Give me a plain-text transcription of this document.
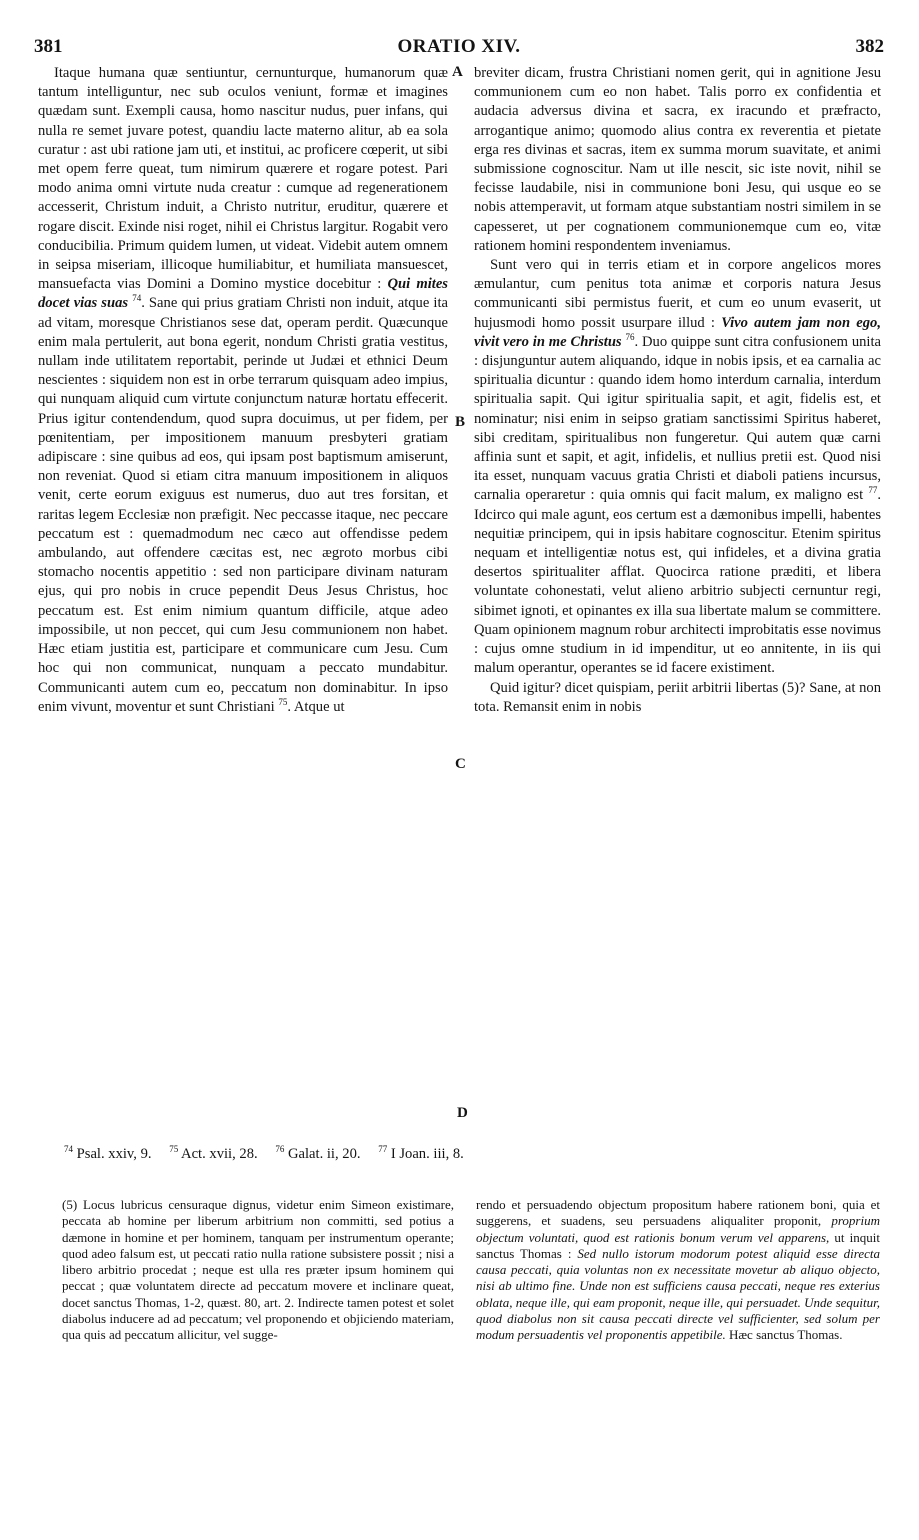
381	ORATIO XIV.	382
A
B
C
D

Itaque humana quæ sentiuntur, cernunturque, humanorum quæ tantum intelliguntur, nec sub oculos veniunt, formæ et imagines quædam sunt. Exempli causa, homo nascitur nudus, puer infans, qui nulla re semet juvare potest, quandiu lacte materno alitur, ab ea sola curatur : ast ubi ratione jam uti, et institui, ac proficere cœperit, ut sibi met opem ferre queat, tum nimirum quærere et rogare potest. Pari modo anima omni virtute nuda creatur : cumque ad regenerationem accesserit, Christum induit, a Christo nutritur, eruditur, quærere et rogare discit. Exinde nisi roget, nihil ei Christus largitur. Rogabit vero conducibilia. Primum quidem lumen, ut videat. Videbit autem omnem in seipsa miseriam, illicoque humiliabitur, et humiliata mansuescet, mansuefacta vias Domini a Domino mystice docebitur : Qui mites docet vias suas $^{74}$. Sane qui prius gratiam Christi non induit, atque ita ad vitam, moresque Christianos sese dat, operam perdit. Quæcunque enim mala pertulerit, aut bona egerit, nondum Christi gratia vestitus, nullam inde utilitatem reportabit, perinde ut Judæi et ethnici Deum nescientes : siquidem non est in orbe terrarum quisquam adeo impius, qui nunquam aliquid cum virtute conjunctum naturæ hortatu effecerit. Prius igitur contendendum, quod supra docuimus, ut per fidem, per pœnitentiam, per impositionem manuum presbyteri gratiam adipiscare : sine quibus ad eos, qui ipsam post baptismum amiserunt, non reveniat. Quod si etiam citra manuum impositionem in aliquos venit, certe eorum exiguus est numerus, duo aut tres forsitan, et raritas legem Ecclesiæ non præfigit. Nec peccasse itaque, nec peccare peccatum est : quemadmodum nec cæco aut offendisse pedem ambulando, aut offendere cæcitas est, nec ægroto morbus cibi stomacho nocentis appetitio : sed non participare divinam naturam ejus, qui pro nobis in cruce pependit Deus Jesus Christus, hoc peccatum est. Est enim nimium quantum difficile, atque adeo impossibile, ut non peccet, qui cum Jesu communionem non habet. Hæc etiam justitia est, participare et communicare cum Jesu. Cum hoc qui non communicat, nunquam a peccato mundabitur. Communicanti autem cum eo, peccatum non dominabitur. In ipso enim vivunt, moventur et sunt Christiani $^{75}$. Atque ut

breviter dicam, frustra Christiani nomen gerit, qui in agnitione Jesu communionem cum eo non habet. Talis porro ex confidentia et audacia adversus divina et sacra, ex iracundo et præfracto, arrogantique animo; quomodo alius contra ex reverentia et pietate erga res divinas et sacras, item ex summa morum suavitate, et animi submissione cognoscitur. Nam ut ille nescit, sic iste novit, nihil se fecisse laudabile, nisi in communione boni Jesu, qui usque eo se nobis attemperavit, ut formam atque substantiam nostri similem in se capesseret, ut per cognationem communionemque cum eo, vitæ rationem homini respondentem inveniamus.

Sunt vero qui in terris etiam et in corpore angelicos mores æmulantur, cum penitus tota animæ et corporis natura Jesus communicanti sibi permistus fuerit, et cum eo unum evaserit, ut hujusmodi homo possit usurpare illud : Vivo autem jam non ego, vivit vero in me Christus $^{76}$. Duo quippe sunt citra confusionem unita : disjunguntur autem aliquando, idque in nobis ipsis, et ea carnalia ac spiritualia dicuntur : quando idem homo interdum carnalia, interdum spiritualia sapit. Qui igitur spiritualia sapit, et agit, fidelis est, et nominatur; nisi enim in seipso gratiam sanctissimi Spiritus haberet, sibi creditam, spiritualibus non fungeretur. Qui autem quæ carni affinia sunt et sapit, et agit, infidelis, et nullius pretii est. Quod nisi ita esset, nunquam vacuus gratia Christi et diaboli patiens incursus, carnalia operaretur : quia omnis qui facit malum, ex maligno est $^{77}$. Idcirco qui male agunt, eos certum est a dæmonibus impelli, habentes nequitiæ principem, qui in ipsis habitare cognoscitur. Etenim spiritus nequam et intelligentiæ notus est, qui infideles, et a divina gratia desertos spiritualiter afflat. Quocirca ratione præditi, et libera voluntate cohonestati, velut alieno arbitrio subjecti cernuntur regi, sibimet ignoti, et opinantes ex illa sua libertate malum se committere. Quam opinionem magnum robur architecti improbitatis esse novimus : cujus omne studium in id impenditur, ut eo annitente, in iis qui malum operantur, operantes se id facere existiment.

Quid igitur? dicet quispiam, periit arbitrii libertas (5)? Sane, at non tota. Remansit enim in nobis

$^{74}$ Psal. xxiv, 9. $^{75}$ Act. xvii, 28. $^{76}$ Galat. ii, 20. $^{77}$ I Joan. iii, 8.

(5) Locus lubricus censuraque dignus, videtur enim Simeon existimare, peccata ab homine per liberum arbitrium non committi, sed potius a dæmone in homine et per hominem, tanquam per instrumentum operante; quod adeo falsum est, ut peccati ratio nulla ratione subsistere possit ; nisi a libero arbitrio procedat ; neque est ulla res præter ipsum hominem qui peccat ; quæ voluntatem directe ad peccatum movere et inclinare queat, docet sanctus Thomas, 1-2, quæst. 80, art. 2. Indirecte tamen potest et solet diabolus inducere ad ad peccatum; vel proponendo et objiciendo materiam, qua quis ad peccatum allicitur, vel sugge-

rendo et persuadendo objectum propositum habere rationem boni, quia et suggerens, et suadens, seu persuadens aliqualiter proponit, proprium objectum voluntati, quod est rationis bonum verum vel apparens, ut inquit sanctus Thomas : Sed nullo istorum modorum potest aliquid esse directa causa peccati, quia voluntas non ex necessitate movetur ab aliquo objecto, nisi ab ultimo fine. Unde non est sufficiens causa peccati, neque res exterius oblata, neque ille, qui eam proponit, neque ille, qui persuadet. Unde sequitur, quod diabolus non sit causa peccati directe vel sufficienter, sed solum per modum persuadentis vel proponentis appetibile. Hæc sanctus Thomas.
